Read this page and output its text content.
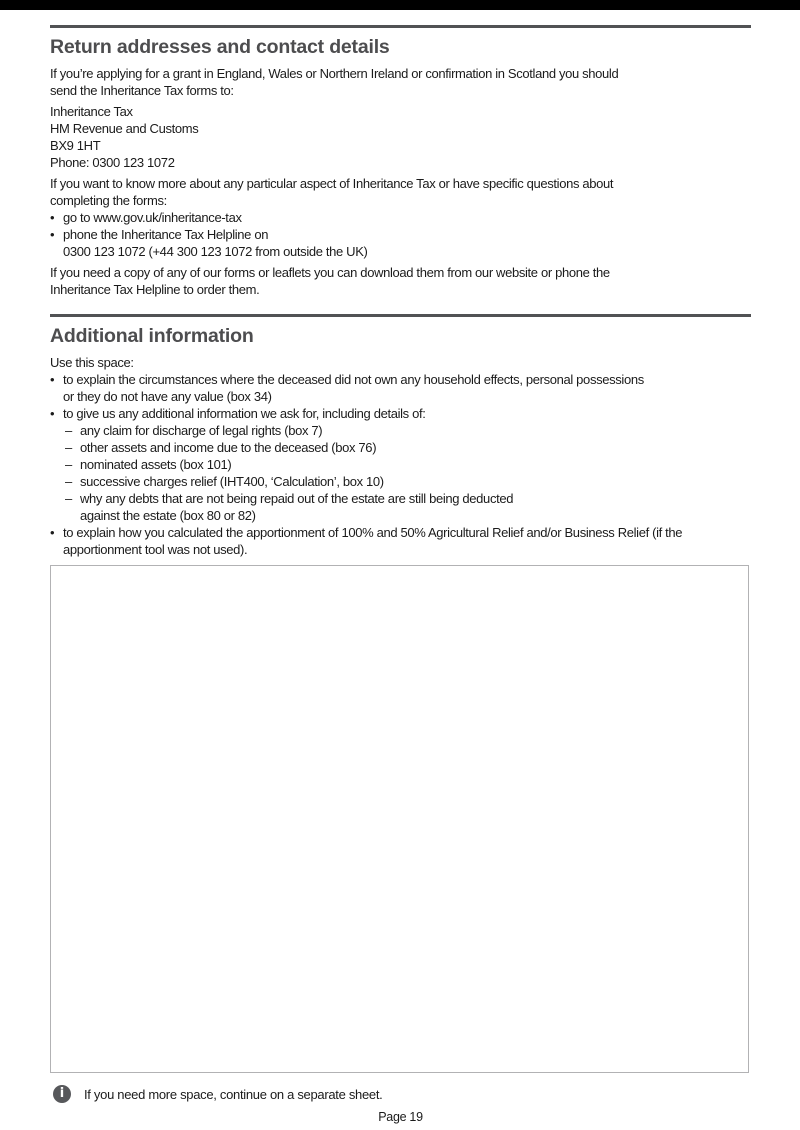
Return addresses and contact details
If you’re applying for a grant in England, Wales or Northern Ireland or confirmation in Scotland you should
send the Inheritance Tax forms to:
Inheritance Tax
HM Revenue and Customs
BX9 1HT
Phone: 0300 123 1072
If you want to know more about any particular aspect of Inheritance Tax or have specific questions about
completing the forms:
• go to www.gov.uk/inheritance-tax
• phone the Inheritance Tax Helpline on
0300 123 1072 (+44 300 123 1072 from outside the UK)
If you need a copy of any of our forms or leaflets you can download them from our website or phone the
Inheritance Tax Helpline to order them.
Additional information
Use this space:
• to explain the circumstances where the deceased did not own any household effects, personal possessions
or they do not have any value (box 34)
• to give us any additional information we ask for, including details of:
– any claim for discharge of legal rights (box 7)
– other assets and income due to the deceased (box 76)
– nominated assets (box 101)
– successive charges relief (IHT400, ‘Calculation’, box 10)
– why any debts that are not being repaid out of the estate are still being deducted
against the estate (box 80 or 82)
• to explain how you calculated the apportionment of 100% and 50% Agricultural Relief and/or Business Relief (if the
apportionment tool was not used).
i	If you need more space, continue on a separate sheet.
Page 19
